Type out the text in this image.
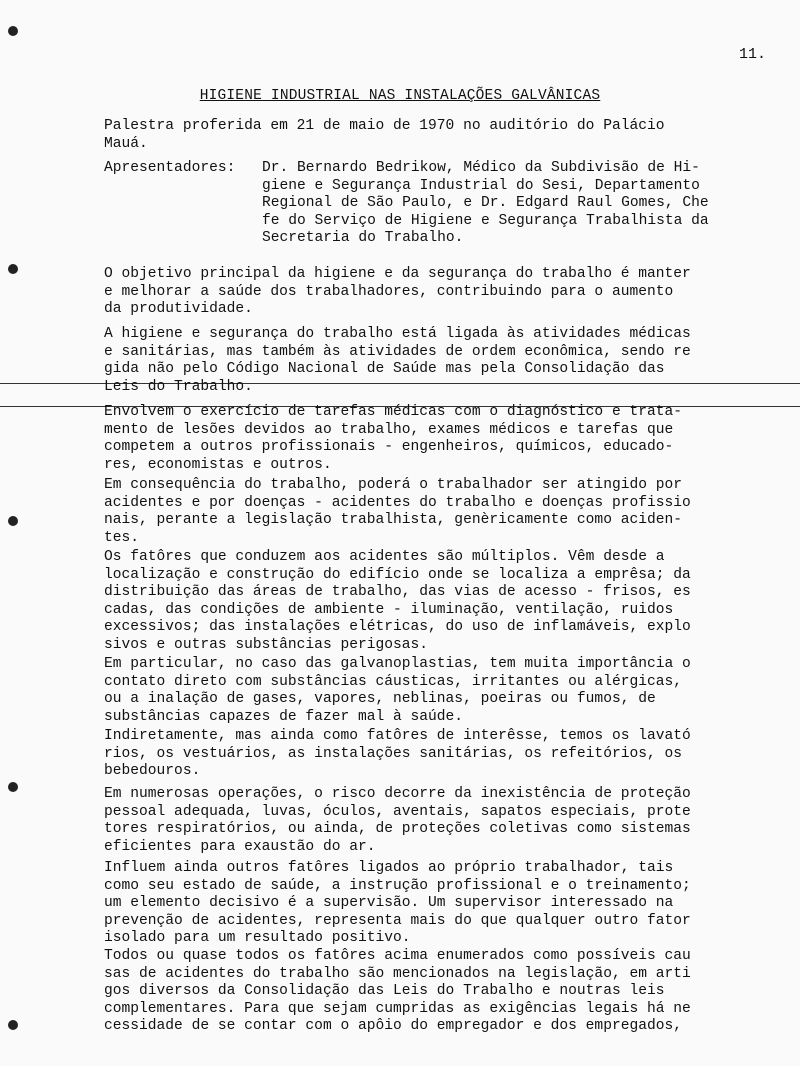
11.
HIGIENE INDUSTRIAL NAS INSTALAÇÕES GALVÂNICAS
Palestra proferida em 21 de maio de 1970 no auditório do Palácio
Mauá.
Apresentadores: Dr. Bernardo Bedrikow, Médico da Subdivisão de Hi-
giene e Segurança Industrial do Sesi, Departamento
Regional de São Paulo, e Dr. Edgard Raul Gomes, Che
fe do Serviço de Higiene e Segurança Trabalhista da
Secretaria do Trabalho.
O objetivo principal da higiene e da segurança do trabalho é manter
e melhorar a saúde dos trabalhadores, contribuindo para o aumento
da produtividade.
A higiene e segurança do trabalho está ligada às atividades médicas
e sanitárias, mas também às atividades de ordem econômica, sendo re
gida não pelo Código Nacional de Saúde mas pela Consolidação das
Leis do Trabalho.
Envolvem o exercício de tarefas médicas com o diagnóstico e trata-
mento de lesões devidos ao trabalho, exames médicos e tarefas que
competem a outros profissionais - engenheiros, químicos, educado-
res, economistas e outros.
Em consequência do trabalho, poderá o trabalhador ser atingido por
acidentes e por doenças - acidentes do trabalho e doenças profissio
nais, perante a legislação trabalhista, genèricamente como aciden-
tes.
Os fatôres que conduzem aos acidentes são múltiplos. Vêm desde a
localização e construção do edifício onde se localiza a emprêsa; da
distribuição das áreas de trabalho, das vias de acesso - frisos, es
cadas, das condições de ambiente - iluminação, ventilação, ruidos
excessivos; das instalações elétricas, do uso de inflamáveis, explo
sivos e outras substâncias perigosas.
Em particular, no caso das galvanoplastias, tem muita importância o
contato direto com substâncias cáusticas, irritantes ou alérgicas,
ou a inalação de gases, vapores, neblinas, poeiras ou fumos, de
substâncias capazes de fazer mal à saúde.
Indiretamente, mas ainda como fatôres de interêsse, temos os lavató
rios, os vestuários, as instalações sanitárias, os refeitórios, os
bebedouros.
Em numerosas operações, o risco decorre da inexistência de proteção
pessoal adequada, luvas, óculos, aventais, sapatos especiais, prote
tores respiratórios, ou ainda, de proteções coletivas como sistemas
eficientes para exaustão do ar.
Influem ainda outros fatôres ligados ao próprio trabalhador, tais
como seu estado de saúde, a instrução profissional e o treinamento;
um elemento decisivo é a supervisão. Um supervisor interessado na
prevenção de acidentes, representa mais do que qualquer outro fator
isolado para um resultado positivo.
Todos ou quase todos os fatôres acima enumerados como possíveis cau
sas de acidentes do trabalho são mencionados na legislação, em arti
gos diversos da Consolidação das Leis do Trabalho e noutras leis
complementares. Para que sejam cumpridas as exigências legais há ne
cessidade de se contar com o apôio do empregador e dos empregados,
